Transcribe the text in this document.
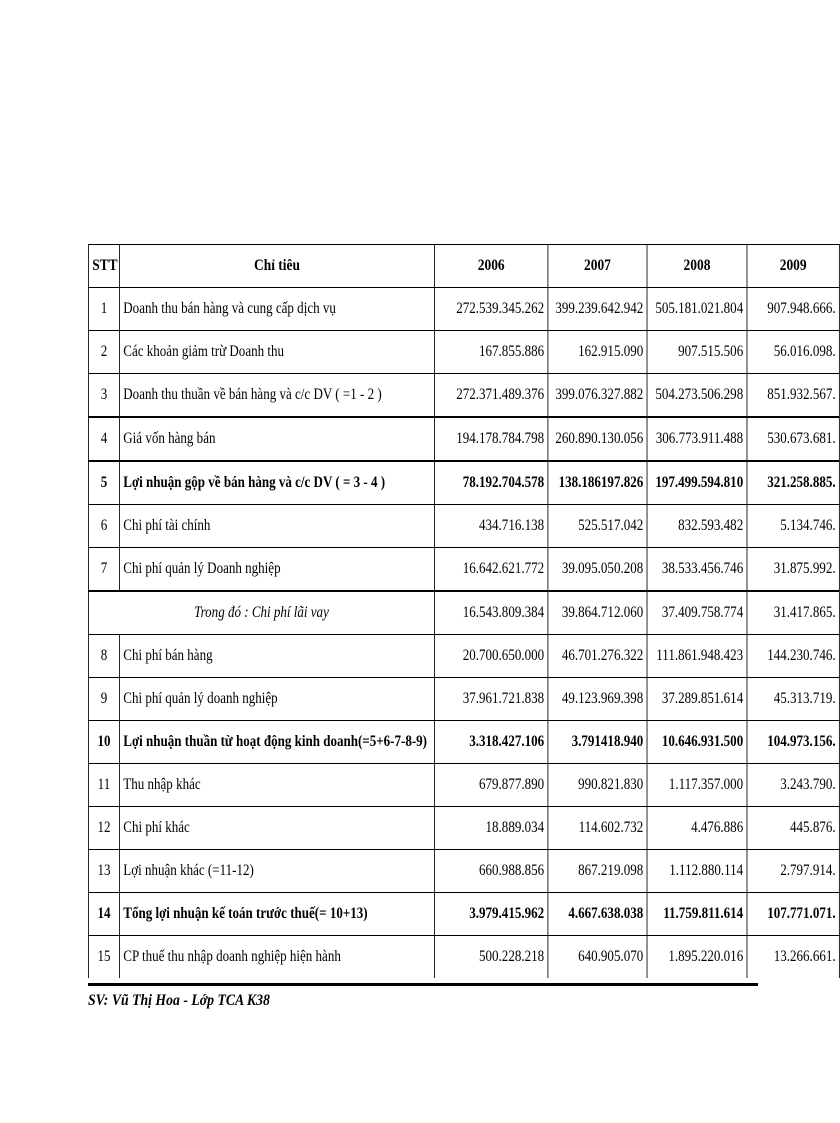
STT	Chỉ tiêu	2006	2007	2008	2009
1	Doanh thu bán hàng và cung cấp dịch vụ	272.539.345.262	399.239.642.942	505.181.021.804	907.948.666.
2	Các khoản giảm trừ Doanh thu	167.855.886	162.915.090	907.515.506	56.016.098.
3	Doanh thu thuần về bán hàng và c/c DV ( =1 - 2 )	272.371.489.376	399.076.327.882	504.273.506.298	851.932.567.
4	Giá vốn hàng bán	194.178.784.798	260.890.130.056	306.773.911.488	530.673.681.
5	Lợi nhuận gộp về bán hàng và c/c DV ( = 3 - 4 )	78.192.704.578	138.186197.826	197.499.594.810	321.258.885.
6	Chi phí tài chính	434.716.138	525.517.042	832.593.482	5.134.746.
7	Chi phí quản lý Doanh nghiệp	16.642.621.772	39.095.050.208	38.533.456.746	31.875.992.
Trong đó : Chi phí lãi vay		16.543.809.384	39.864.712.060	37.409.758.774	31.417.865.
8	Chi phí bán hàng	20.700.650.000	46.701.276.322	111.861.948.423	144.230.746.
9	Chi phí quản lý doanh nghiệp	37.961.721.838	49.123.969.398	37.289.851.614	45.313.719.
10	Lợi nhuận thuần từ hoạt động kinh doanh(=5+6-7-8-9)	3.318.427.106	3.791418.940	10.646.931.500	104.973.156.
11	Thu nhập khác	679.877.890	990.821.830	1.117.357.000	3.243.790.
12	Chi phí khác	18.889.034	114.602.732	4.476.886	445.876.
13	Lợi nhuận khác (=11-12)	660.988.856	867.219.098	1.112.880.114	2.797.914.
14	Tổng lợi nhuận kế toán trước thuế(= 10+13)	3.979.415.962	4.667.638.038	11.759.811.614	107.771.071.
15	CP thuế thu nhập doanh nghiệp hiện hành	500.228.218	640.905.070	1.895.220.016	13.266.661.
SV: Vũ Thị Hoa - Lớp TCA K38
